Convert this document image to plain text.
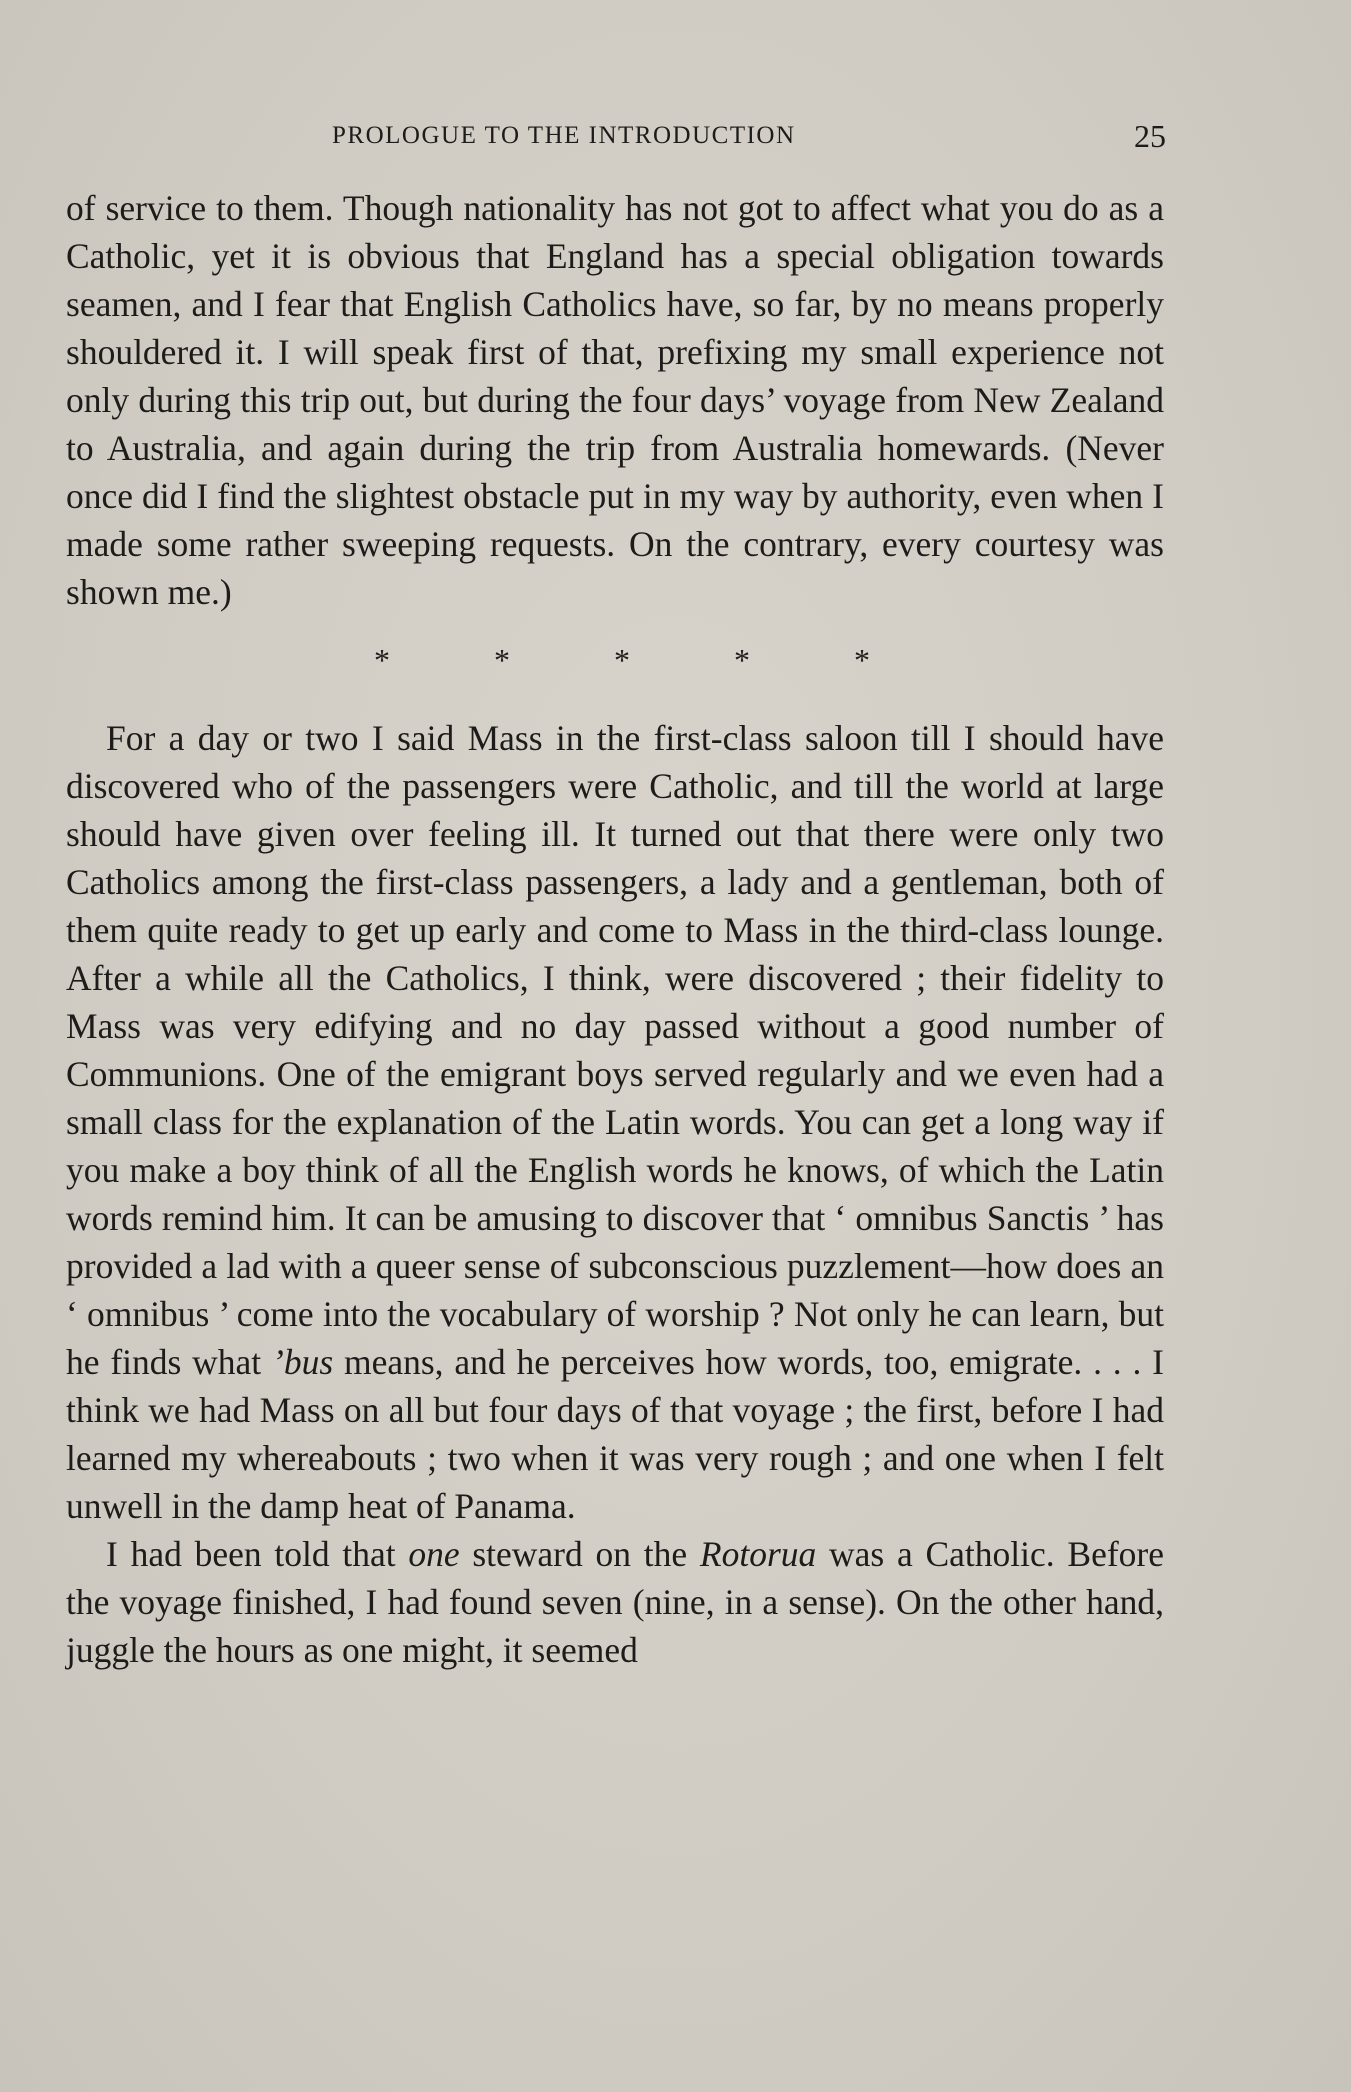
PROLOGUE TO THE INTRODUCTION	25

of service to them. Though nationality has not got to affect what you do as a Catholic, yet it is obvious that England has a special obligation towards seamen, and I fear that English Catholics have, so far, by no means properly shouldered it. I will speak first of that, prefixing my small experience not only during this trip out, but during the four days’ voyage from New Zealand to Australia, and again during the trip from Australia homewards. (Never once did I find the slightest obstacle put in my way by authority, even when I made some rather sweeping requests. On the contrary, every courtesy was shown me.)

*	*	*	*	*

For a day or two I said Mass in the first-class saloon till I should have discovered who of the passengers were Catholic, and till the world at large should have given over feeling ill. It turned out that there were only two Catholics among the first-class passengers, a lady and a gentleman, both of them quite ready to get up early and come to Mass in the third-class lounge. After a while all the Catholics, I think, were discovered ; their fidelity to Mass was very edifying and no day passed without a good number of Communions. One of the emigrant boys served regularly and we even had a small class for the explanation of the Latin words. You can get a long way if you make a boy think of all the English words he knows, of which the Latin words remind him. It can be amusing to discover that ‘ omnibus Sanctis ’ has provided a lad with a queer sense of subconscious puzzlement—how does an ‘ omnibus ’ come into the vocabulary of worship ? Not only he can learn, but he finds what ’bus means, and he perceives how words, too, emigrate. . . . I think we had Mass on all but four days of that voyage ; the first, before I had learned my whereabouts ; two when it was very rough ; and one when I felt unwell in the damp heat of Panama.

I had been told that one steward on the Rotorua was a Catholic. Before the voyage finished, I had found seven (nine, in a sense). On the other hand, juggle the hours as one might, it seemed
